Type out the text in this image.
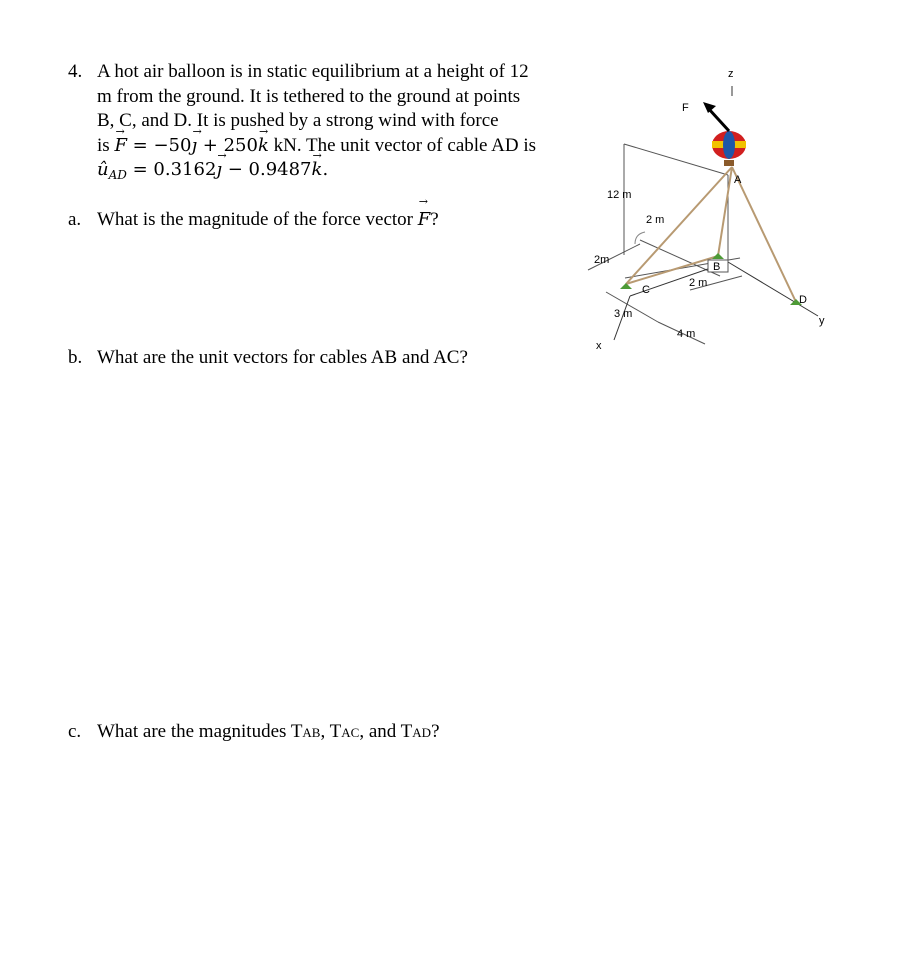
4. A hot air balloon is in static equilibrium at a height of 12
m from the ground. It is tethered to the ground at points
B, C, and D. It is pushed by a strong wind with force
is F → = −50ȷ → + 250k → kN. The unit vector of cable AD is
$û_{AD}$ = 0.3162ȷ → − 0.9487k →.
a. What is the magnitude of the force vector F →?
b. What are the unit vectors for cables AB and AC?
c. What are the magnitudes TAB, TAC, and TAD?
z
y
x
F
A
B
C
D
12 m
2 m
2m
2 m
3 m
4 m
